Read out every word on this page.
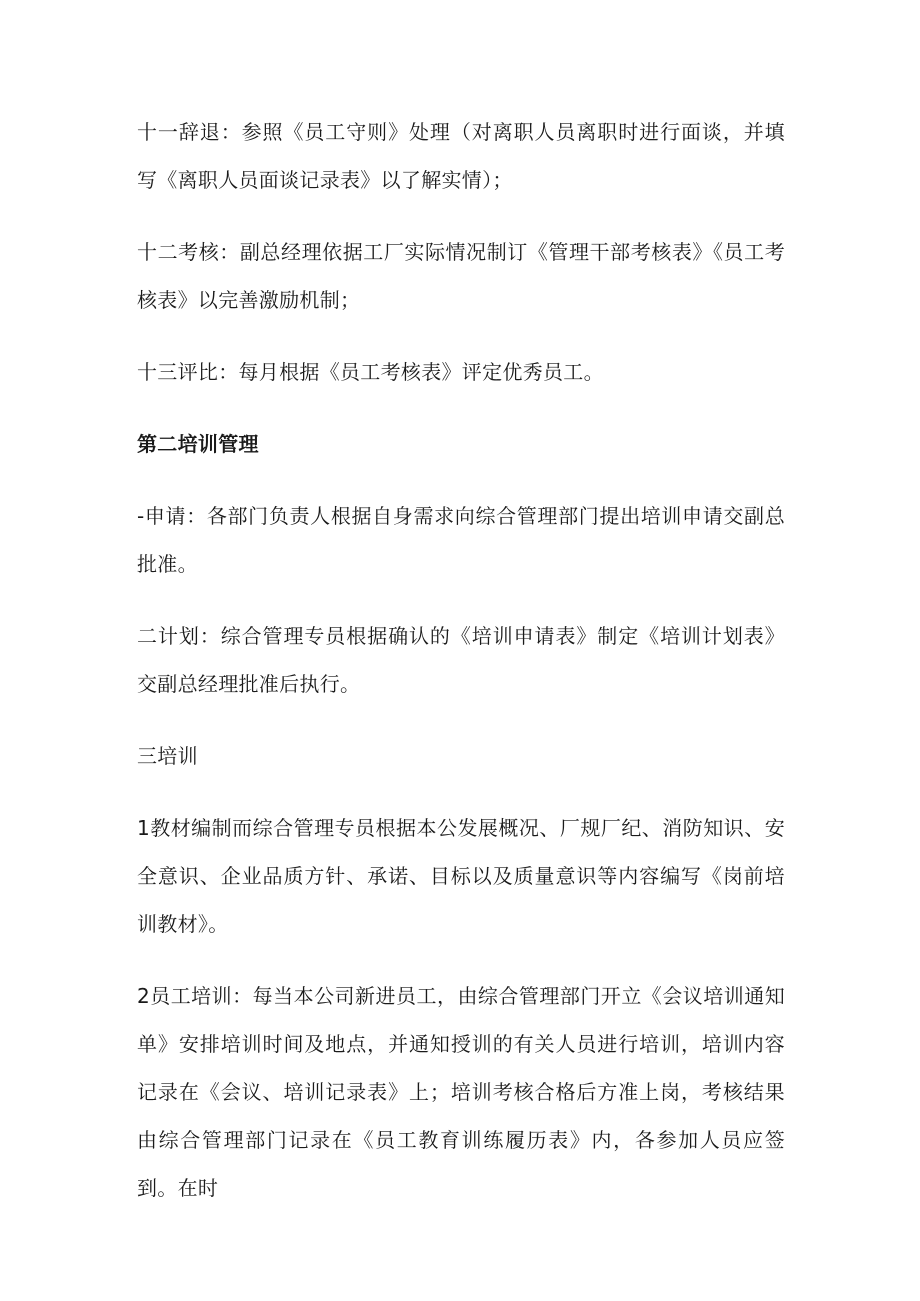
十一辞退：参照《员工守则》处理（对离职人员离职时进行面谈，并填写《离职人员面谈记录表》以了解实情）；

十二考核：副总经理依据工厂实际情况制订《管理干部考核表》《员工考核表》以完善激励机制；

十三评比：每月根据《员工考核表》评定优秀员工。

第二培训管理

-申请：各部门负责人根据自身需求向综合管理部门提出培训申请交副总批准。

二计划：综合管理专员根据确认的《培训申请表》制定《培训计划表》交副总经理批准后执行。

三培训

1教材编制而综合管理专员根据本公发展概况、厂规厂纪、消防知识、安全意识、企业品质方针、承诺、目标以及质量意识等内容编写《岗前培训教材》。

2员工培训：每当本公司新进员工，由综合管理部门开立《会议培训通知单》安排培训时间及地点，并通知授训的有关人员进行培训，培训内容记录在《会议、培训记录表》上；培训考核合格后方准上岗，考核结果由综合管理部门记录在《员工教育训练履历表》内，各参加人员应签到。在时
